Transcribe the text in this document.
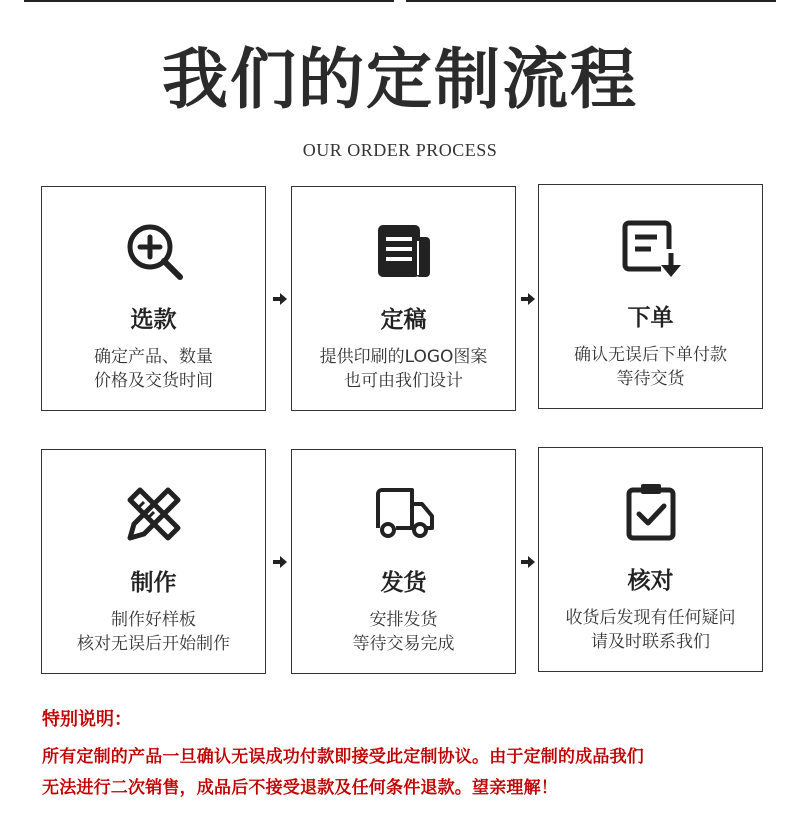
我们的定制流程
OUR ORDER PROCESS
选款
确定产品、数量
价格及交货时间
定稿
提供印刷的LOGO图案
也可由我们设计
下单
确认无误后下单付款
等待交货
制作
制作好样板
核对无误后开始制作
发货
安排发货
等待交易完成
核对
收货后发现有任何疑问
请及时联系我们
特别说明：
所有定制的产品一旦确认无误成功付款即接受此定制协议。由于定制的成品我们
无法进行二次销售，成品后不接受退款及任何条件退款。望亲理解！
